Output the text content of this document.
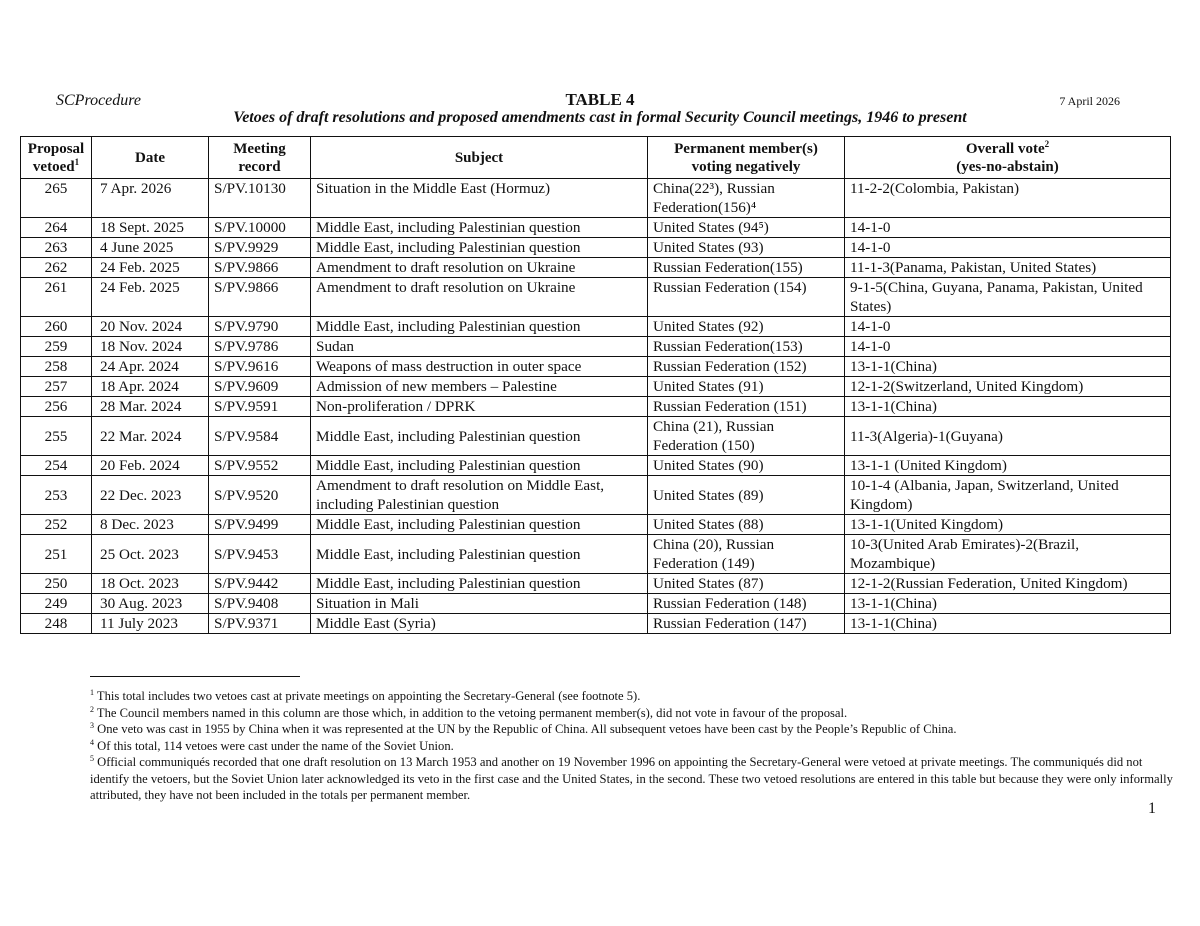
SCProcedure	TABLE 4	7 April 2026
Vetoes of draft resolutions and proposed amendments cast in formal Security Council meetings, 1946 to present
Proposal vetoed$^1$	Date	Meeting record	Subject	Permanent member(s) voting negatively	Overall vote$^2$
(yes-no-abstain)
265	7 Apr. 2026	S/PV.10130	Situation in the Middle East (Hormuz)	China(22³), Russian Federation(156)⁴	11-2-2(Colombia, Pakistan)
264	18 Sept. 2025	S/PV.10000	Middle East, including Palestinian question	United States (94⁵)	14-1-0
263	4 June 2025	S/PV.9929	Middle East, including Palestinian question	United States (93)	14-1-0
262	24 Feb. 2025	S/PV.9866	Amendment to draft resolution on Ukraine	Russian Federation(155)	11-1-3(Panama, Pakistan, United States)
261	24 Feb. 2025	S/PV.9866	Amendment to draft resolution on Ukraine	Russian Federation (154)	9-1-5(China, Guyana, Panama, Pakistan, United States)
260	20 Nov. 2024	S/PV.9790	Middle East, including Palestinian question	United States (92)	14-1-0
259	18 Nov. 2024	S/PV.9786	Sudan	Russian Federation(153)	14-1-0
258	24 Apr. 2024	S/PV.9616	Weapons of mass destruction in outer space	Russian Federation (152)	13-1-1(China)
257	18 Apr. 2024	S/PV.9609	Admission of new members – Palestine	United States (91)	12-1-2(Switzerland, United Kingdom)
256	28 Mar. 2024	S/PV.9591	Non-proliferation / DPRK	Russian Federation (151)	13-1-1(China)
255	22 Mar. 2024	S/PV.9584	Middle East, including Palestinian question	China (21), Russian Federation (150)	11-3(Algeria)-1(Guyana)
254	20 Feb. 2024	S/PV.9552	Middle East, including Palestinian question	United States (90)	13-1-1 (United Kingdom)
253	22 Dec. 2023	S/PV.9520	Amendment to draft resolution on Middle East, including Palestinian question	United States (89)	10-1-4 (Albania, Japan, Switzerland, United Kingdom)
252	8 Dec. 2023	S/PV.9499	Middle East, including Palestinian question	United States (88)	13-1-1(United Kingdom)
251	25 Oct. 2023	S/PV.9453	Middle East, including Palestinian question	China (20), Russian Federation (149)	10-3(United Arab Emirates)-2(Brazil, Mozambique)
250	18 Oct. 2023	S/PV.9442	Middle East, including Palestinian question	United States (87)	12-1-2(Russian Federation, United Kingdom)
249	30 Aug. 2023	S/PV.9408	Situation in Mali	Russian Federation (148)	13-1-1(China)
248	11 July 2023	S/PV.9371	Middle East (Syria)	Russian Federation (147)	13-1-1(China)
$^1$ This total includes two vetoes cast at private meetings on appointing the Secretary-General (see footnote 5).
$^2$ The Council members named in this column are those which, in addition to the vetoing permanent member(s), did not vote in favour of the proposal.
$^3$ One veto was cast in 1955 by China when it was represented at the UN by the Republic of China. All subsequent vetoes have been cast by the People’s Republic of China.
$^4$ Of this total, 114 vetoes were cast under the name of the Soviet Union.
$^5$ Official communiqués recorded that one draft resolution on 13 March 1953 and another on 19 November 1996 on appointing the Secretary-General were vetoed at private meetings. The communiqués did not identify the vetoers, but the Soviet Union later acknowledged its veto in the first case and the United States, in the second. These two vetoed resolutions are entered in this table but because they were only informally attributed, they have not been included in the totals per permanent member.
1
